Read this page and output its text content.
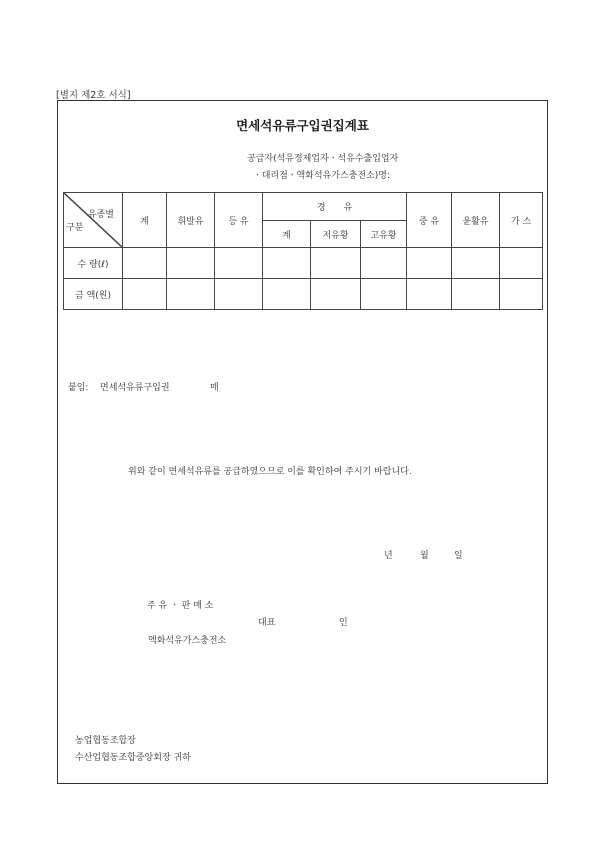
[별지 제2호 서식]
면세석유류구입권집계표
공급자(석유정제업자ㆍ석유수출입업자
ㆍ대리점ㆍ액화석유가스충전소)명:
유종별
구분	계	휘발유	등 유	경　　유			중 유	윤활유	가 스
				계	저유황	고유황			
수 량(ℓ)									
금 액(원)									
붙임: 면세석유류구입권	매
위와 같이 면세석유류를 공급하였으므로 이를 확인하여 주시기 바랍니다.
년	월	일
주 유 ㆍ 판 매 소
대표	인
액화석유가스충전소
농업협동조합장
수산업협동조합중앙회장 귀하
